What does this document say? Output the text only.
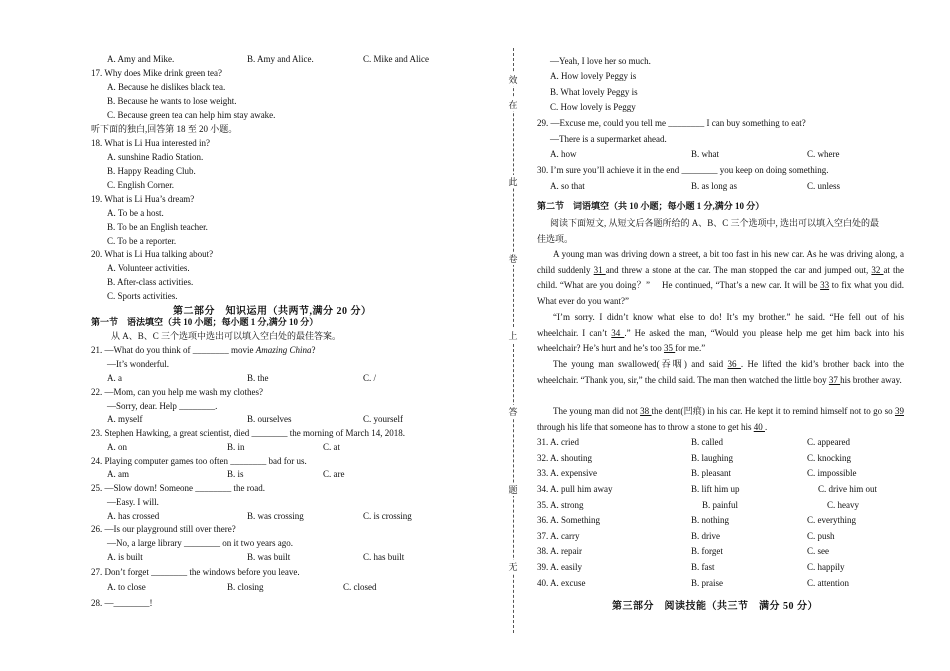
A. Amy and Mike.	B. Amy and Alice.	C. Mike and Alice
17. Why does Mike drink green tea?
A. Because he dislikes black tea.
B. Because he wants to lose weight.
C. Because green tea can help him stay awake.
听下面的独白,回答第 18 至 20 小题。
18. What is Li Hua interested in?
A. sunshine Radio Station.
B. Happy Reading Club.
C. English Corner.
19. What is Li Hua’s dream?
A. To be a host.
B. To be an English teacher.
C. To be a reporter.
20. What is Li Hua talking about?
A. Volunteer activities.
B. After-class activities.
C. Sports activities.
第二部分　知识运用（共两节,满分 20 分）
第一节　语法填空（共 10 小题；每小题 1 分,满分 10 分）
从 A、B、C 三个选项中选出可以填入空白处的最佳答案。
21. —What do you think of ________ movie Amazing China?
—It’s wonderful.
A. a	B. the	C. /
22. —Mom, can you help me wash my clothes?
—Sorry, dear. Help ________.
A. myself	B. ourselves	C. yourself
23. Stephen Hawking, a great scientist, died ________ the morning of March 14, 2018.
A. on	B. in	C. at
24. Playing computer games too often ________ bad for us.
A. am	B. is	C. are
25. —Slow down! Someone ________ the road.
—Easy. I will.
A. has crossed	B. was crossing	C. is crossing
26. —Is our playground still over there?
—No, a large library ________ on it two years ago.
A. is built	B. was built	C. has built
27. Don’t forget ________ the windows before you leave.
A. to close	B. closing	C. closed
28. —________!
效
在
此
卷
上
答
题
无
—Yeah, I love her so much.
A. How lovely Peggy is
B. What lovely Peggy is
C. How lovely is Peggy
29. —Excuse me, could you tell me ________ I can buy something to eat?
—There is a supermarket ahead.
A. how	B. what	C. where
30. I’m sure you’ll achieve it in the end ________ you keep on doing something.
A. so that	B. as long as	C. unless
第二节　词语填空（共 10 小题；每小题 1 分,满分 10 分）
阅读下面短文, 从短文后各题所给的 A、B、C 三个选项中, 选出可以填入空白处的最
佳选项。
A young man was driving down a street, a bit too fast in his new car. As he was driving along, a child suddenly 31 and threw a stone at the car. The man stopped the car and jumped out, 32 at the child. “What are you doing？” 　He continued, “That’s a new car. It will be 33 to fix what you did. What ever do you want?”
“I’m sorry. I didn’t know what else to do! It’s my brother.” he said. “He fell out of his wheelchair. I can’t 34 .” He asked the man, “Would you please help me get him back into his wheelchair? He’s hurt and he’s too 35 for me.”
The young man swallowed(吞咽) and said 36 . He lifted the kid’s brother back into the wheelchair. “Thank you, sir,” the child said. The man then watched the little boy 37 his brother away.
The young man did not 38 the dent(凹痕) in his car. He kept it to remind himself not to go so 39 through his life that someone has to throw a stone to get his 40 .
31. A. cried	B. called	C. appeared
32. A. shouting	B. laughing	C. knocking
33. A. expensive	B. pleasant	C. impossible
34. A. pull him away	B. lift him up	C. drive him out
35. A. strong	B. painful	C. heavy
36. A. Something	B. nothing	C. everything
37. A. carry	B. drive	C. push
38. A. repair	B. forget	C. see
39. A. easily	B. fast	C. happily
40. A. excuse	B. praise	C. attention
第三部分　阅读技能（共三节　满分 50 分）
